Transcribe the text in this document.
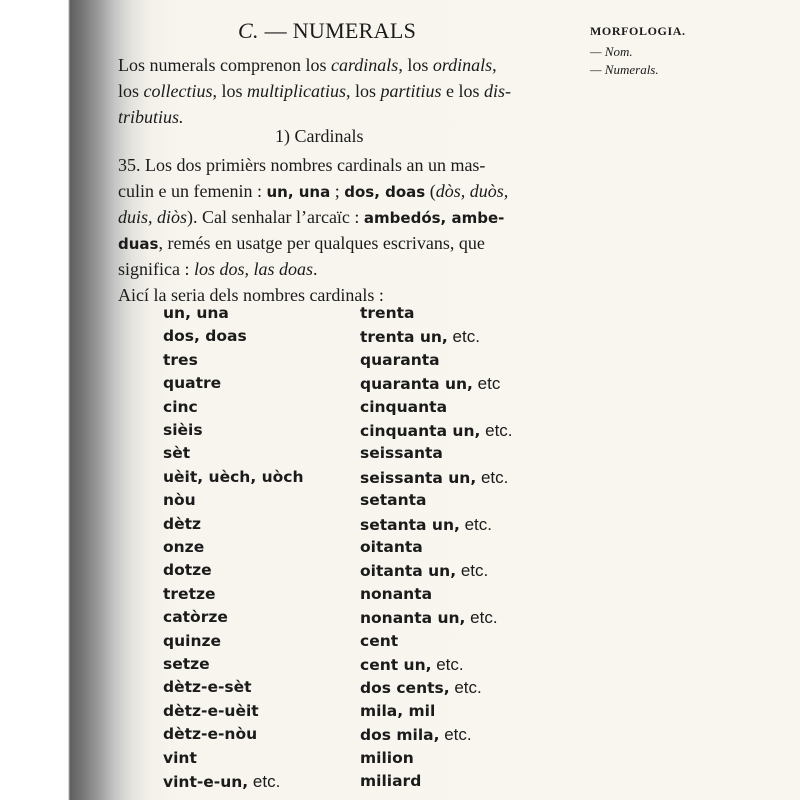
C. — NUMERALS	MORFOLOGIA.
— Nom.
— Numerals.
Los numerals comprenon los cardinals, los ordinals,
los collectius, los multiplicatius, los partitius e los dis-
tributius.
1) Cardinals
35. Los dos primièrs nombres cardinals an un mas-
culin e un femenin : un, una ; dos, doas (dòs, duòs,
duis, diòs). Cal senhalar l’arcaïc : ambedós, ambe-
duas, remés en usatge per qualques escrivans, que
significa : los dos, las doas.
Aicí la seria dels nombres cardinals :
un, una
dos, doas
tres
quatre
cinc
sièis
sèt
uèit, uèch, uòch
nòu
dètz
onze
dotze
tretze
catòrze
quinze
setze
dètz-e-sèt
dètz-e-uèit
dètz-e-nòu
vint
vint-e-un, etc.
trenta
trenta un, etc.
quaranta
quaranta un, etc
cinquanta
cinquanta un, etc.
seissanta
seissanta un, etc.
setanta
setanta un, etc.
oitanta
oitanta un, etc.
nonanta
nonanta un, etc.
cent
cent un, etc.
dos cents, etc.
mila, mil
dos mila, etc.
milion
miliard
